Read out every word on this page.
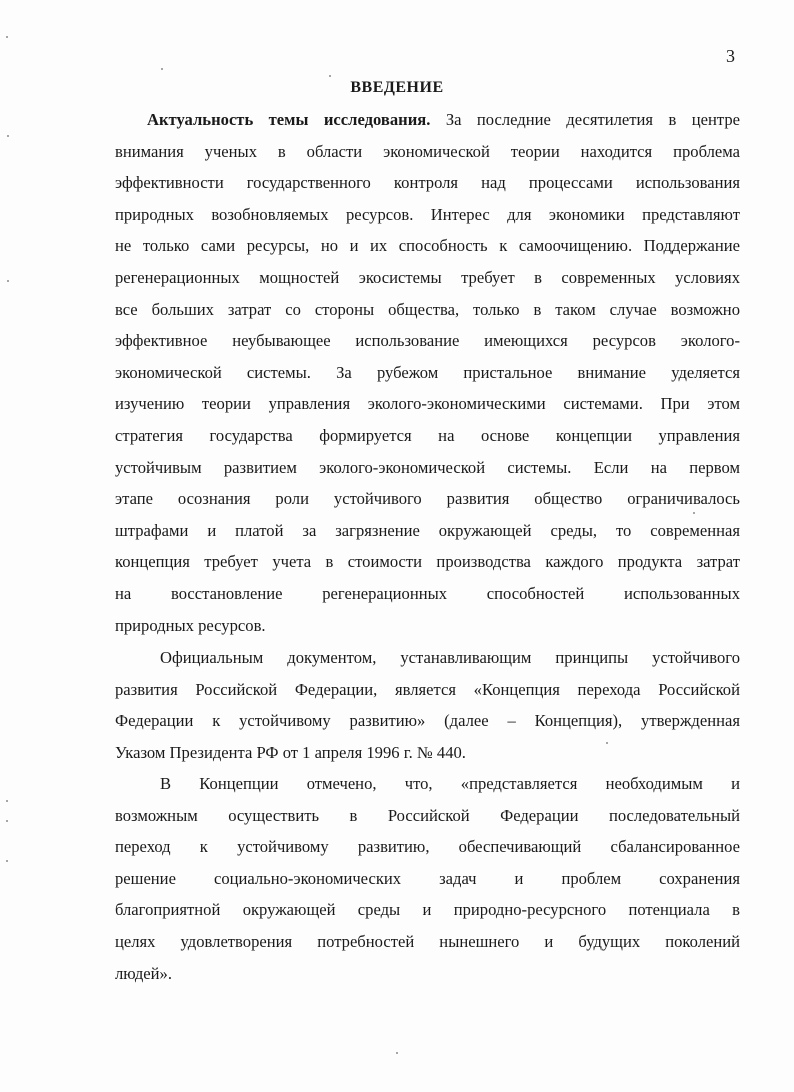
3
ВВЕДЕНИЕ
Актуальность темы исследования. За последние десятилетия в центре
внимания ученых в области экономической теории находится проблема
эффективности государственного контроля над процессами использования
природных возобновляемых ресурсов. Интерес для экономики представляют
не только сами ресурсы, но и их способность к самоочищению. Поддержание
регенерационных мощностей экосистемы требует в современных условиях
все больших затрат со стороны общества, только в таком случае возможно
эффективное неубывающее использование имеющихся ресурсов эколого-
экономической системы. За рубежом пристальное внимание уделяется
изучению теории управления эколого-экономическими системами. При этом
стратегия государства формируется на основе концепции управления
устойчивым развитием эколого-экономической системы. Если на первом
этапе осознания роли устойчивого развития общество ограничивалось
штрафами и платой за загрязнение окружающей среды, то современная
концепция требует учета в стоимости производства каждого продукта затрат
на восстановление регенерационных способностей использованных
природных ресурсов.
Официальным документом, устанавливающим принципы устойчивого
развития Российской Федерации, является «Концепция перехода Российской
Федерации к устойчивому развитию» (далее – Концепция), утвержденная
Указом Президента РФ от 1 апреля 1996 г. № 440.
В Концепции отмечено, что, «представляется необходимым и
возможным осуществить в Российской Федерации последовательный
переход к устойчивому развитию, обеспечивающий сбалансированное
решение социально-экономических задач и проблем сохранения
благоприятной окружающей среды и природно-ресурсного потенциала в
целях удовлетворения потребностей нынешнего и будущих поколений
людей».
